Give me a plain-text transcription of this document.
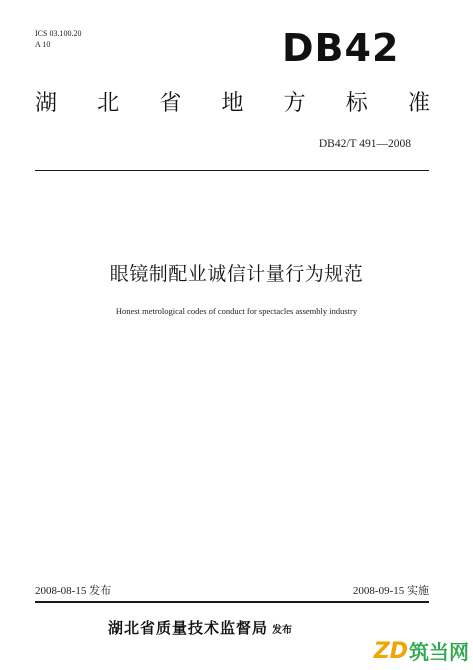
ICS 03.100.20
A 10	DB42
湖 北 省 地 方 标 准
DB42/T 491—2008
眼镜制配业诚信计量行为规范
Honest metrological codes of conduct for spectacles assembly industry
2008-08-15 发布	2008-09-15 实施
湖北省质量技术监督局 发布
ZD 筑当网
